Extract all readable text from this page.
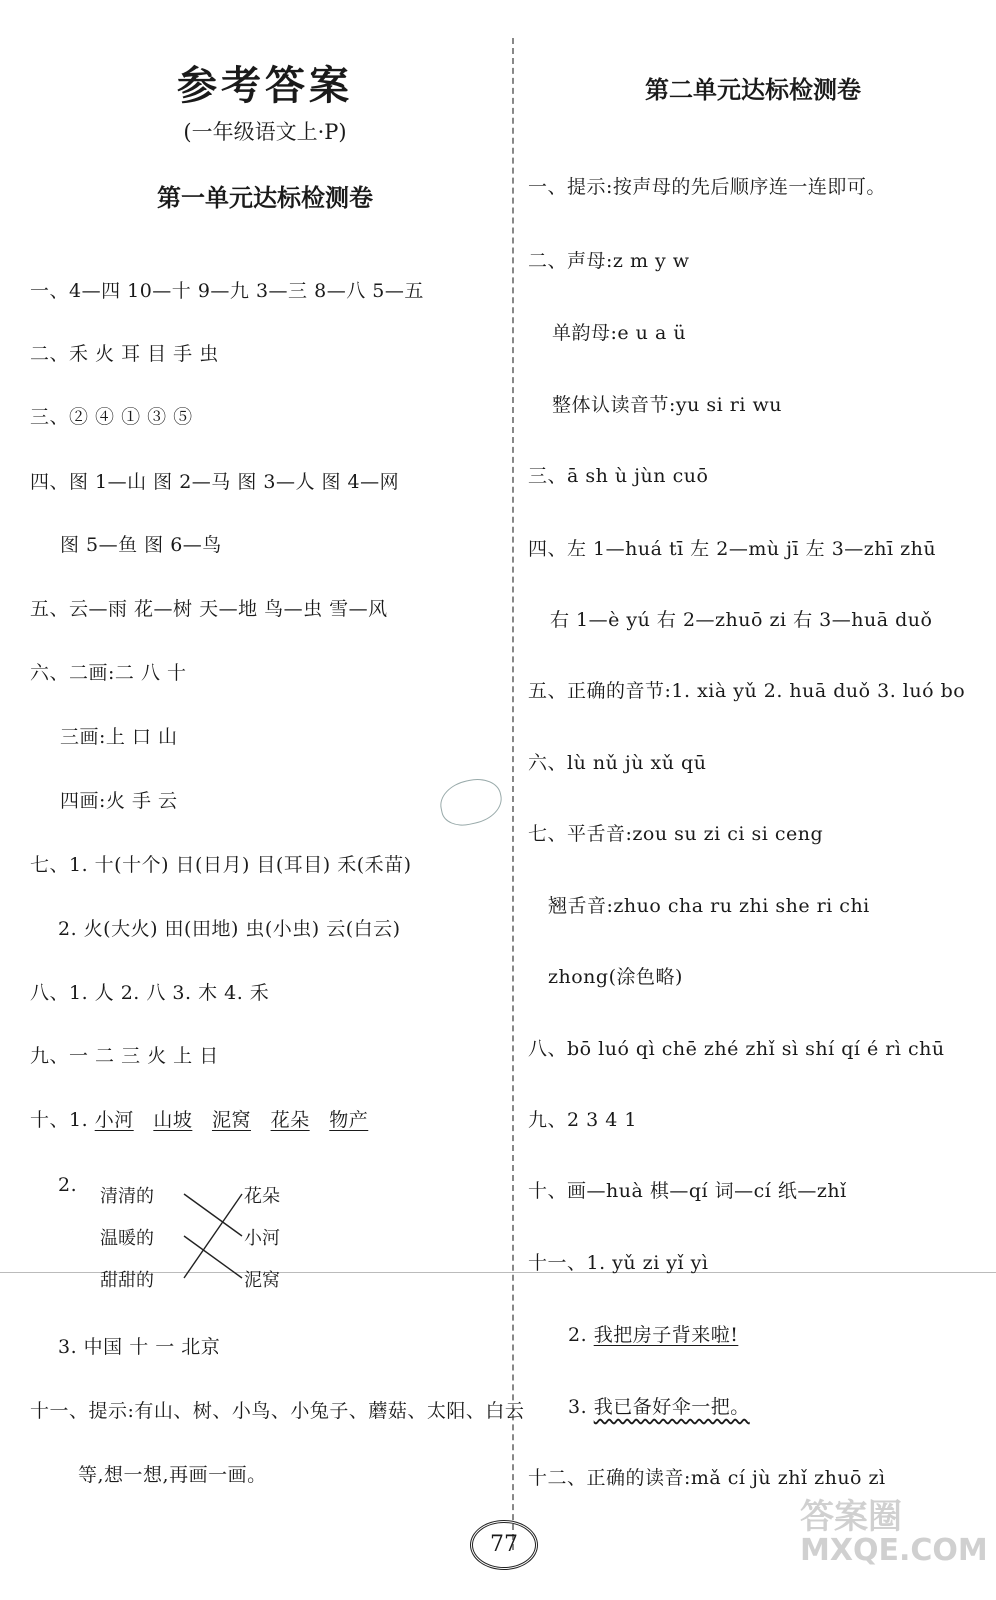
参考答案
(一年级语文上·P)
第一单元达标检测卷
一、4—四 10—十 9—九 3—三 8—八 5—五
二、禾 火 耳 目 手 虫
三、② ④ ① ③ ⑤
四、图 1—山 图 2—马 图 3—人 图 4—网
图 5—鱼 图 6—鸟
五、云—雨 花—树 天—地 鸟—虫 雪—风
六、二画:二 八 十
三画:上 口 山
四画:火 手 云
七、1. 十(十个) 日(日月) 目(耳目) 禾(禾苗)
2. 火(大火) 田(田地) 虫(小虫) 云(白云)
八、1. 人 2. 八 3. 木 4. 禾
九、一 二 三 火 上 日
十、1. 小河 山坡 泥窝 花朵 物产
2.
清清的
温暖的
甜甜的
花朵
小河
泥窝
3. 中国 十 一 北京
十一、提示:有山、树、小鸟、小兔子、蘑菇、太阳、白云
等,想一想,再画一画。
第二单元达标检测卷
一、提示:按声母的先后顺序连一连即可。
二、声母:z m y w
单韵母:e u a ü
整体认读音节:yu si ri wu
三、ā sh ù jùn cuō
四、左 1—huá tī 左 2—mù jī 左 3—zhī zhū
右 1—è yú 右 2—zhuō zi 右 3—huā duǒ
五、正确的音节:1. xià yǔ 2. huā duǒ 3. luó bo
六、lù nǔ jù xǔ qū
七、平舌音:zou su zi ci si ceng
翘舌音:zhuo cha ru zhi she ri chi
zhong(涂色略)
八、bō luó qì chē zhé zhǐ sì shí qí é rì chū
九、2 3 4 1
十、画—huà 棋—qí 词—cí 纸—zhǐ
十一、1. yǔ zi yǐ yì
2. 我把房子背来啦!
3. 我已备好伞一把。
十二、正确的读音:mǎ cí jù zhǐ zhuō zì
77
答案圈
MXQE.COM
